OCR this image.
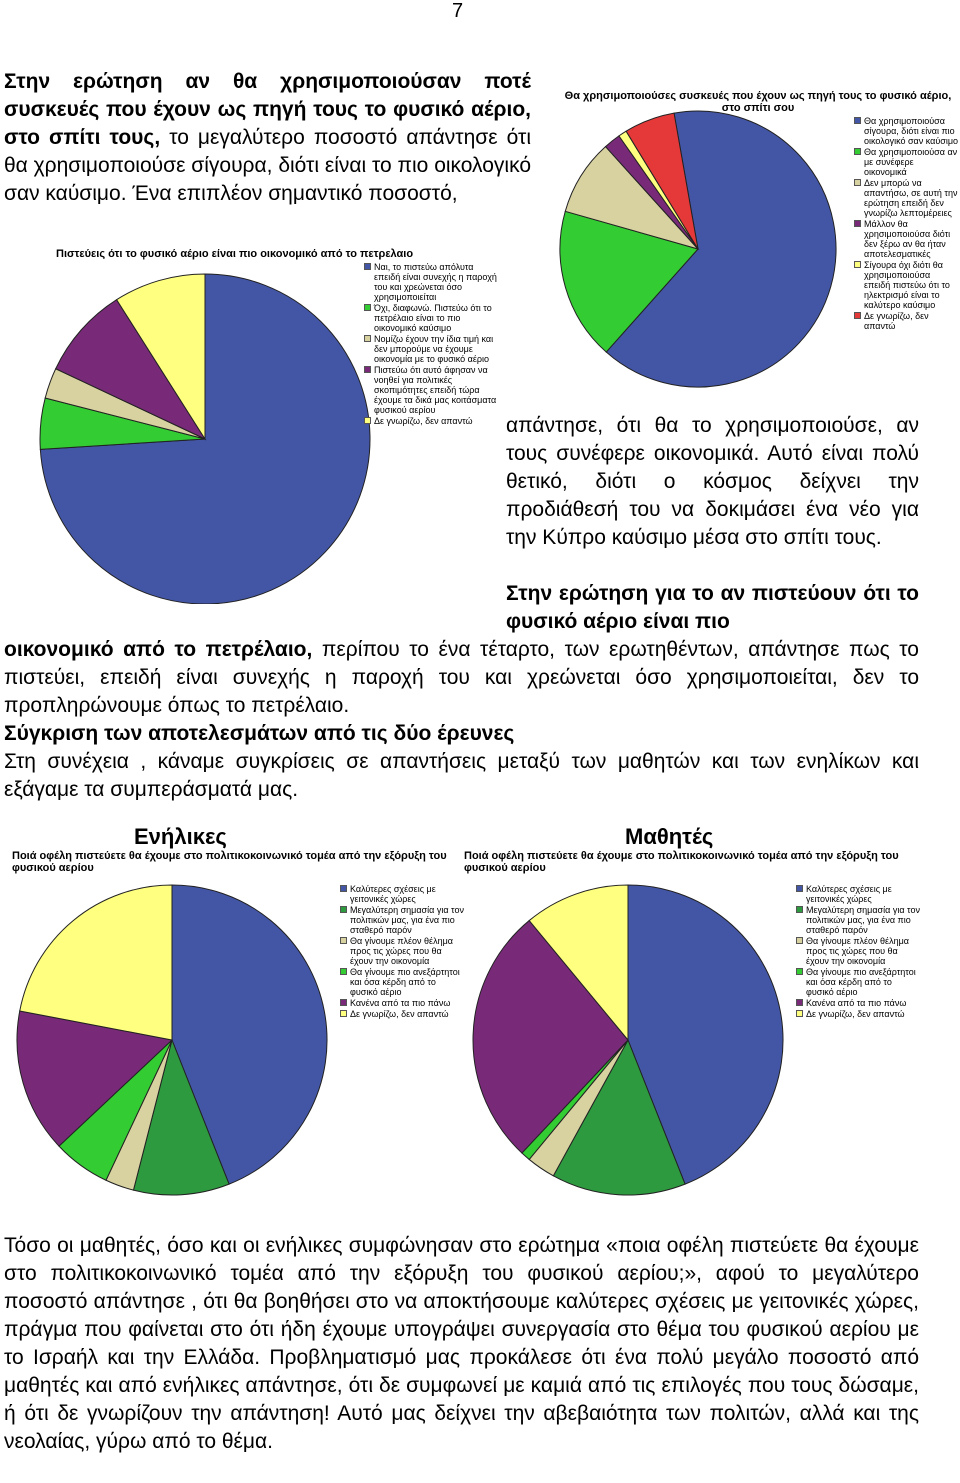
7
Στην ερώτηση αν θα χρησιμοποιούσαν ποτέ συσκευές που έχουν ως πηγή τους το φυσικό αέριο, στο σπίτι τους, το μεγαλύτερο ποσοστό απάντησε ότι θα χρησιμοποιούσε σίγουρα, διότι είναι το πιο οικολογικό σαν καύσιμο. Ένα επιπλέον σημαντικό ποσοστό,
Θα χρησιμοποιούσες συσκευές που έχουν ως πηγή τους το φυσικό αέριο, στο σπίτι σου
Θα χρησιμοποιούσα σίγουρα, διότι είναι πιο οικολογικό σαν καύσιμο
Θα χρησιμοποιούσα αν με συνέφερε οικονομικά
Δεν μπορώ να απαντήσω, σε αυτή την ερώτηση επειδή δεν γνωρίζω λεπτομέρειες
Μάλλον θα χρησιμοποιούσα διότι δεν ξέρω αν θα ήταν αποτελεσματικές
Σίγουρα όχι διότι θα χρησιμοποιούσα επειδή πιστεύω ότι το ηλεκτρισμό είναι το καλύτερο καύσιμο
Δε γνωρίζω, δεν απαντώ
Πιστεύεις ότι το φυσικό αέριο είναι πιο οικονομικό από το πετρελαιο
Ναι, το πιστεύω απόλυτα επειδή είναι συνεχής η παροχή του και χρεώνεται όσο χρησιμοποιείται
Όχι, διαφωνώ. Πιστεύω ότι το πετρέλαιο είναι το πιο οικονομικό καύσιμο
Νομίζω έχουν την ίδια τιμή και δεν μπορούμε να έχουμε οικονομία με το φυσικό αέριο
Πιστεύω ότι αυτό άφησαν να νοηθεί για πολιτικές σκοπιμότητες επειδή τώρα έχουμε τα δικά μας κοιτάσματα φυσικού αερίου
Δε γνωρίζω, δεν απαντώ απάντησε, ότι θα το χρησιμοποιούσε, αν τους συνέφερε οικονομικά. Αυτό είναι πολύ θετικό, διότι ο κόσμος δείχνει την προδιάθεσή του να δοκιμάσει ένα νέο για την Κύπρο καύσιμο μέσα στο σπίτι τους.
Στην ερώτηση για το αν πιστεύουν ότι το φυσικό αέριο είναι πιο
οικονομικό από το πετρέλαιο, περίπου το ένα τέταρτο, των ερωτηθέντων, απάντησε πως το πιστεύει, επειδή είναι συνεχής η παροχή του και χρεώνεται όσο χρησιμοποιείται, δεν το προπληρώνουμε όπως το πετρέλαιο.
Σύγκριση των αποτελεσμάτων από τις δύο έρευνες
Στη συνέχεια , κάναμε συγκρίσεις σε απαντήσεις μεταξύ των μαθητών και των ενηλίκων και εξάγαμε τα συμπεράσματά μας.
Ενήλικες
Ποιά οφέλη πιστεύετε θα έχουμε στο πολιτικοκοινωνικό τομέα από την εξόρυξη του φυσικού αερίου
Καλύτερες σχέσεις με γειτονικές χώρες
Μεγαλύτερη σημασία για τον πολιτικών μας, για ένα πιο σταθερό παρόν
Θα γίνουμε πλέον θέλημα προς τις χώρες που θα έχουν την οικονομία
Θα γίνουμε πιο ανεξάρτητοι και όσα κέρδη από το φυσικό αέριο
Κανένα από τα πιο πάνω
Δε γνωρίζω, δεν απαντώ
Μαθητές
Ποιά οφέλη πιστεύετε θα έχουμε στο πολιτικοκοινωνικό τομέα από την εξόρυξη του φυσικού αερίου
Καλύτερες σχέσεις με γειτονικές χώρες
Μεγαλύτερη σημασία για τον πολιτικών μας, για ένα πιο σταθερό παρόν
Θα γίνουμε πλέον θέλημα προς τις χώρες που θα έχουν την οικονομία
Θα γίνουμε πιο ανεξάρτητοι και όσα κέρδη από το φυσικό αέριο
Κανένα από τα πιο πάνω
Δε γνωρίζω, δεν απαντώ
Τόσο οι μαθητές, όσο και οι ενήλικες συμφώνησαν στο ερώτημα «ποια οφέλη πιστεύετε θα έχουμε στο πολιτικοκοινωνικό τομέα από την εξόρυξη του φυσικού αερίου;», αφού το μεγαλύτερο ποσοστό απάντησε , ότι θα βοηθήσει στο να αποκτήσουμε καλύτερες σχέσεις με γειτονικές χώρες, πράγμα που φαίνεται στο ότι ήδη έχουμε υπογράψει συνεργασία στο θέμα του φυσικού αερίου με το Ισραήλ και την Ελλάδα. Προβληματισμό μας προκάλεσε ότι ένα πολύ μεγάλο ποσοστό από μαθητές και από ενήλικες απάντησε, ότι δε συμφωνεί με καμιά από τις επιλογές που τους δώσαμε, ή ότι δε γνωρίζουν την απάντηση! Αυτό μας δείχνει την αβεβαιότητα των πολιτών, αλλά και της νεολαίας, γύρω από το θέμα.
